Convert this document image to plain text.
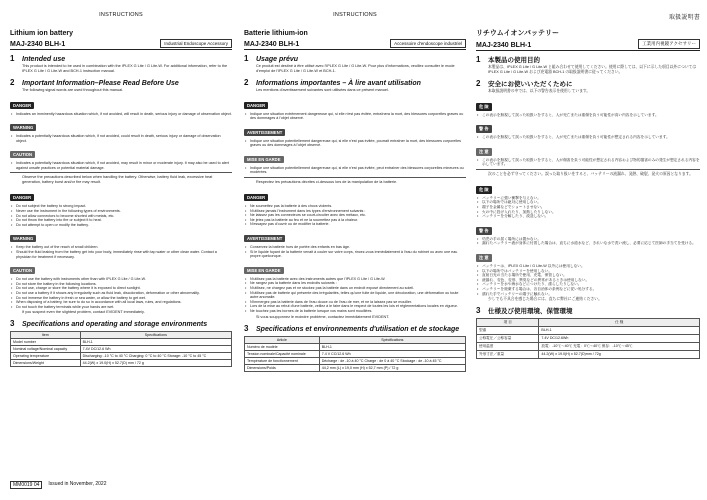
INSTRUCTIONS
Lithium ion battery
MAJ-2340 BLH-1	Industrial Endoscope Accessory
1	Intended use
This product is intended to be used in combination with the IPLEX G Lite / G Lite-W. For additional information, refer to the IPLEX G Lite / G Lite-W and BCH-1 instruction manual.
2	Important Information–Please Read Before Use
The following signal words are used throughout this manual.
DANGER
• Indicates an imminently hazardous situation which, if not avoided, will result in death, serious injury or damage of observation object.
WARNING
• Indicates a potentially hazardous situation which, if not avoided, could result in death, serious injury or damage of observation object.
CAUTION
• Indicates a potentially hazardous situation which, if not avoided, may result in minor or moderate injury. It may also be used to alert against unsafe practices or potential material damage.
Observe the precautions described below when handling the battery. Otherwise, battery fluid leak, excessive heat generation, battery burst and/or fire may result.
DANGER
• Do not subject the battery to strong impact.
• Never use the instrument in the following types of environments.
• Do not allow connectors to become shorted with metals, etc.
• Do not throw the battery into fire or subject it to heat.
• Do not attempt to open or modify the battery.
WARNING
• Keep the battery out of the reach of small children.
• Should the fluid leaking from the battery get into your body, immediately rinse with tap water or other clean water. Contact a physician for treatment if necessary.
CAUTION
• Do not use the battery with instruments other than with IPLEX G Lite / G Lite-W.
• Do not store the battery in the following locations.
• Do not use, charge or store the battery where it is exposed to direct sunlight.
• Do not use a battery if it shows any irregularity such as fluid leak, discoloration, deformation or other abnormality.
• Do not immerse the battery in fresh or sea water, or allow the battery to get wet.
• When disposing of a battery, be sure to do so in accordance with all local laws, rules, and regulations.
• Do not touch the battery terminals while your hands are wet.
If you suspect even the slightest problem, contact EVIDENT immediately.
3	Specifications and operating and storage environments
Item	Specifications
Model number	BLH-1
Nominal voltage/Nominal capacity	7.4V DC/12.6 Wh
Operating temperature	Discharging: -10 °C to 40 °C Charging: 0 °C to 40 °C Storage: -10 °C to 45 °C
Dimensions/Weight	44.2(W) x 19.0(H) x 52.7(D) mm / 72 g
INSTRUCTIONS
Batterie lithium-ion
MAJ-2340 BLH-1	Accessoire d'endoscope industriel
1	Usage prévu
Ce produit est destiné à être utilisé avec l'IPLEX G Lite / G Lite-W. Pour plus d'informations, veuillez consulter le mode d'emploi de l'IPLEX G Lite / G Lite-W et BCH-1.
2	Informations importantes – À lire avant utilisation
Les mentions d'avertissement suivantes sont utilisées dans ce présent manuel.
DANGER
• Indique une situation extrêmement dangereuse qui, si elle n'est pas évitée, entraînera la mort, des blessures corporelles graves ou des dommages à l'objet observé.
AVERTISSEMENT
• Indique une situation potentiellement dangereuse qui, si elle n'est pas évitée, pourrait entraîner la mort, des blessures corporelles graves ou des dommages à l'objet observé.
MISE EN GARDE
• Indique une situation potentiellement dangereuse qui, si elle n'est pas évitée, peut entraîner des blessures corporelles mineures ou modérées.
Respectez les précautions décrites ci-dessous lors de la manipulation de la batterie.
DANGER
• Ne soumettez pas la batterie à des chocs violents.
• N'utilisez jamais l'instrument dans les types d'environnement suivants :
• Ne laissez pas les connecteurs se court-circuiter avec des métaux, etc.
• Ne jetez pas la batterie au feu et ne la soumettez pas à la chaleur.
• N'essayez pas d'ouvrir ou de modifier la batterie.
AVERTISSEMENT
• Conservez la batterie hors de portée des enfants en bas âge.
• Si le liquide fuyant de la batterie venait à couler sur votre corps, rincez-vous immédiatement à l'eau du robinet ou avec une eau propre quelconque.
MISE EN GARDE
• N'utilisez pas la batterie avec des instruments autres que l'IPLEX G Lite / G Lite-W.
• Ne rangez pas la batterie dans les endroits suivants :
• N'utilisez, ne chargez pas et ne stockez pas la batterie dans un endroit exposé directement au soleil.
• N'utilisez pas de batterie qui présente des irrégularités, telles qu'une fuite de liquide, une décoloration, une déformation ou toute autre anomalie.
• N'immergez pas la batterie dans de l'eau douce ou de l'eau de mer, et ne la laissez pas se mouiller.
• Lors de la mise au rebut d'une batterie, veillez à le faire dans le respect de toutes les lois et réglementations locales en vigueur.
• Ne touchez pas les bornes de la batterie lorsque vos mains sont mouillées.
Si vous soupçonnez le moindre problème, contactez immédiatement EVIDENT.
3	Specifications et environnements d'utilisation et de stockage
Article	Spécifications
Numéro de modèle	BLH-1
Tension nominale/Capacité nominale	7.4 V CC/12.6 Wh
Température de fonctionnement	Décharge : de -10 à 40 °C Charge : de 0 à 40 °C Stockage : de -10 à 45 °C
Dimensions/Poids	44,2 mm (L) x 19,0 mm (H) x 52,7 mm (P) / 72 g
取扱説明書
リチウムイオンバッテリー
MAJ-2340 BLH-1	工業用内視鏡アクセサリー
1	本製品の使用目的
本製品は、IPLEX G Lite / G Lite-W と組み合わせて使用してください。使用に際しては、以下に示した項目以外については IPLEX G Lite / G Lite-W および充電器 BCH-1 の取扱説明書に従ってください。
2	安全にお使いいただくために
本取扱説明書の中では、以下の警告表示を使用しています。
危 険
• この表示を無視して誤った取扱いをすると、人が死亡または重傷を負う可能性が高い内容を示しています。
警 告
• この表示を無視して誤った取扱いをすると、人が死亡または重傷を負う可能性が想定される内容を示しています。
注 意
• この表示を無視して誤った取扱いをすると、人が傷害を負う可能性が想定される内容および物的損害のみの発生が想定される内容を示しています。
次のことを必ず守ってください。誤った取り扱いをすると、バッテリーの液漏れ、発熱、破裂、発火の原因となります。
危 険
• バッテリーに強い衝撃を与えない。
• 以下の場所では絶対に使用しない。
• 端子を金属などでショートさせない。
• 火の中に投げ入れたり、加熱したりしない。
• バッテリーを分解したり、改造しない。
警 告
• 幼児の手の届く場所には置かない。
• 漏れたバッテリー液が身体に付着した場合は、直ちに水道水など、きれいな水で洗い流し、必要に応じて医師の手当てを受ける。
注 意
• バッテリーは、IPLEX G Lite / G Lite-W 以外には使用しない。
• 以下の場所ではバッテリーを使用しない。
• 直射日光の当たる場所で使用、充電、保管しない。
• 液漏れ、変色、変形、異臭などの異常があるときは使用しない。
• バッテリーを水や海水などにつけたり、濡らしたりしない。
• バッテリーを廃棄する場合は、各自治体の条例などに従い処分する。
• 濡れた手でバッテリーの端子に触れない。
少しでも不具合を感じた場合には、直ちに弊社にご連絡ください。
3	仕様及び使用環境、保管環境
項 目	仕 様
型番	BLH-1
公称電圧／公称容量	7.4V DC/12.6Wh
使用温度	放電：-10℃～40℃ 充電：0℃～40℃ 保存：-10℃～45℃
外形寸法／重量	44.2(W) x 19.0(H) x 52.7(D)mm / 72g
MM0019 04	Issued in November, 2022
